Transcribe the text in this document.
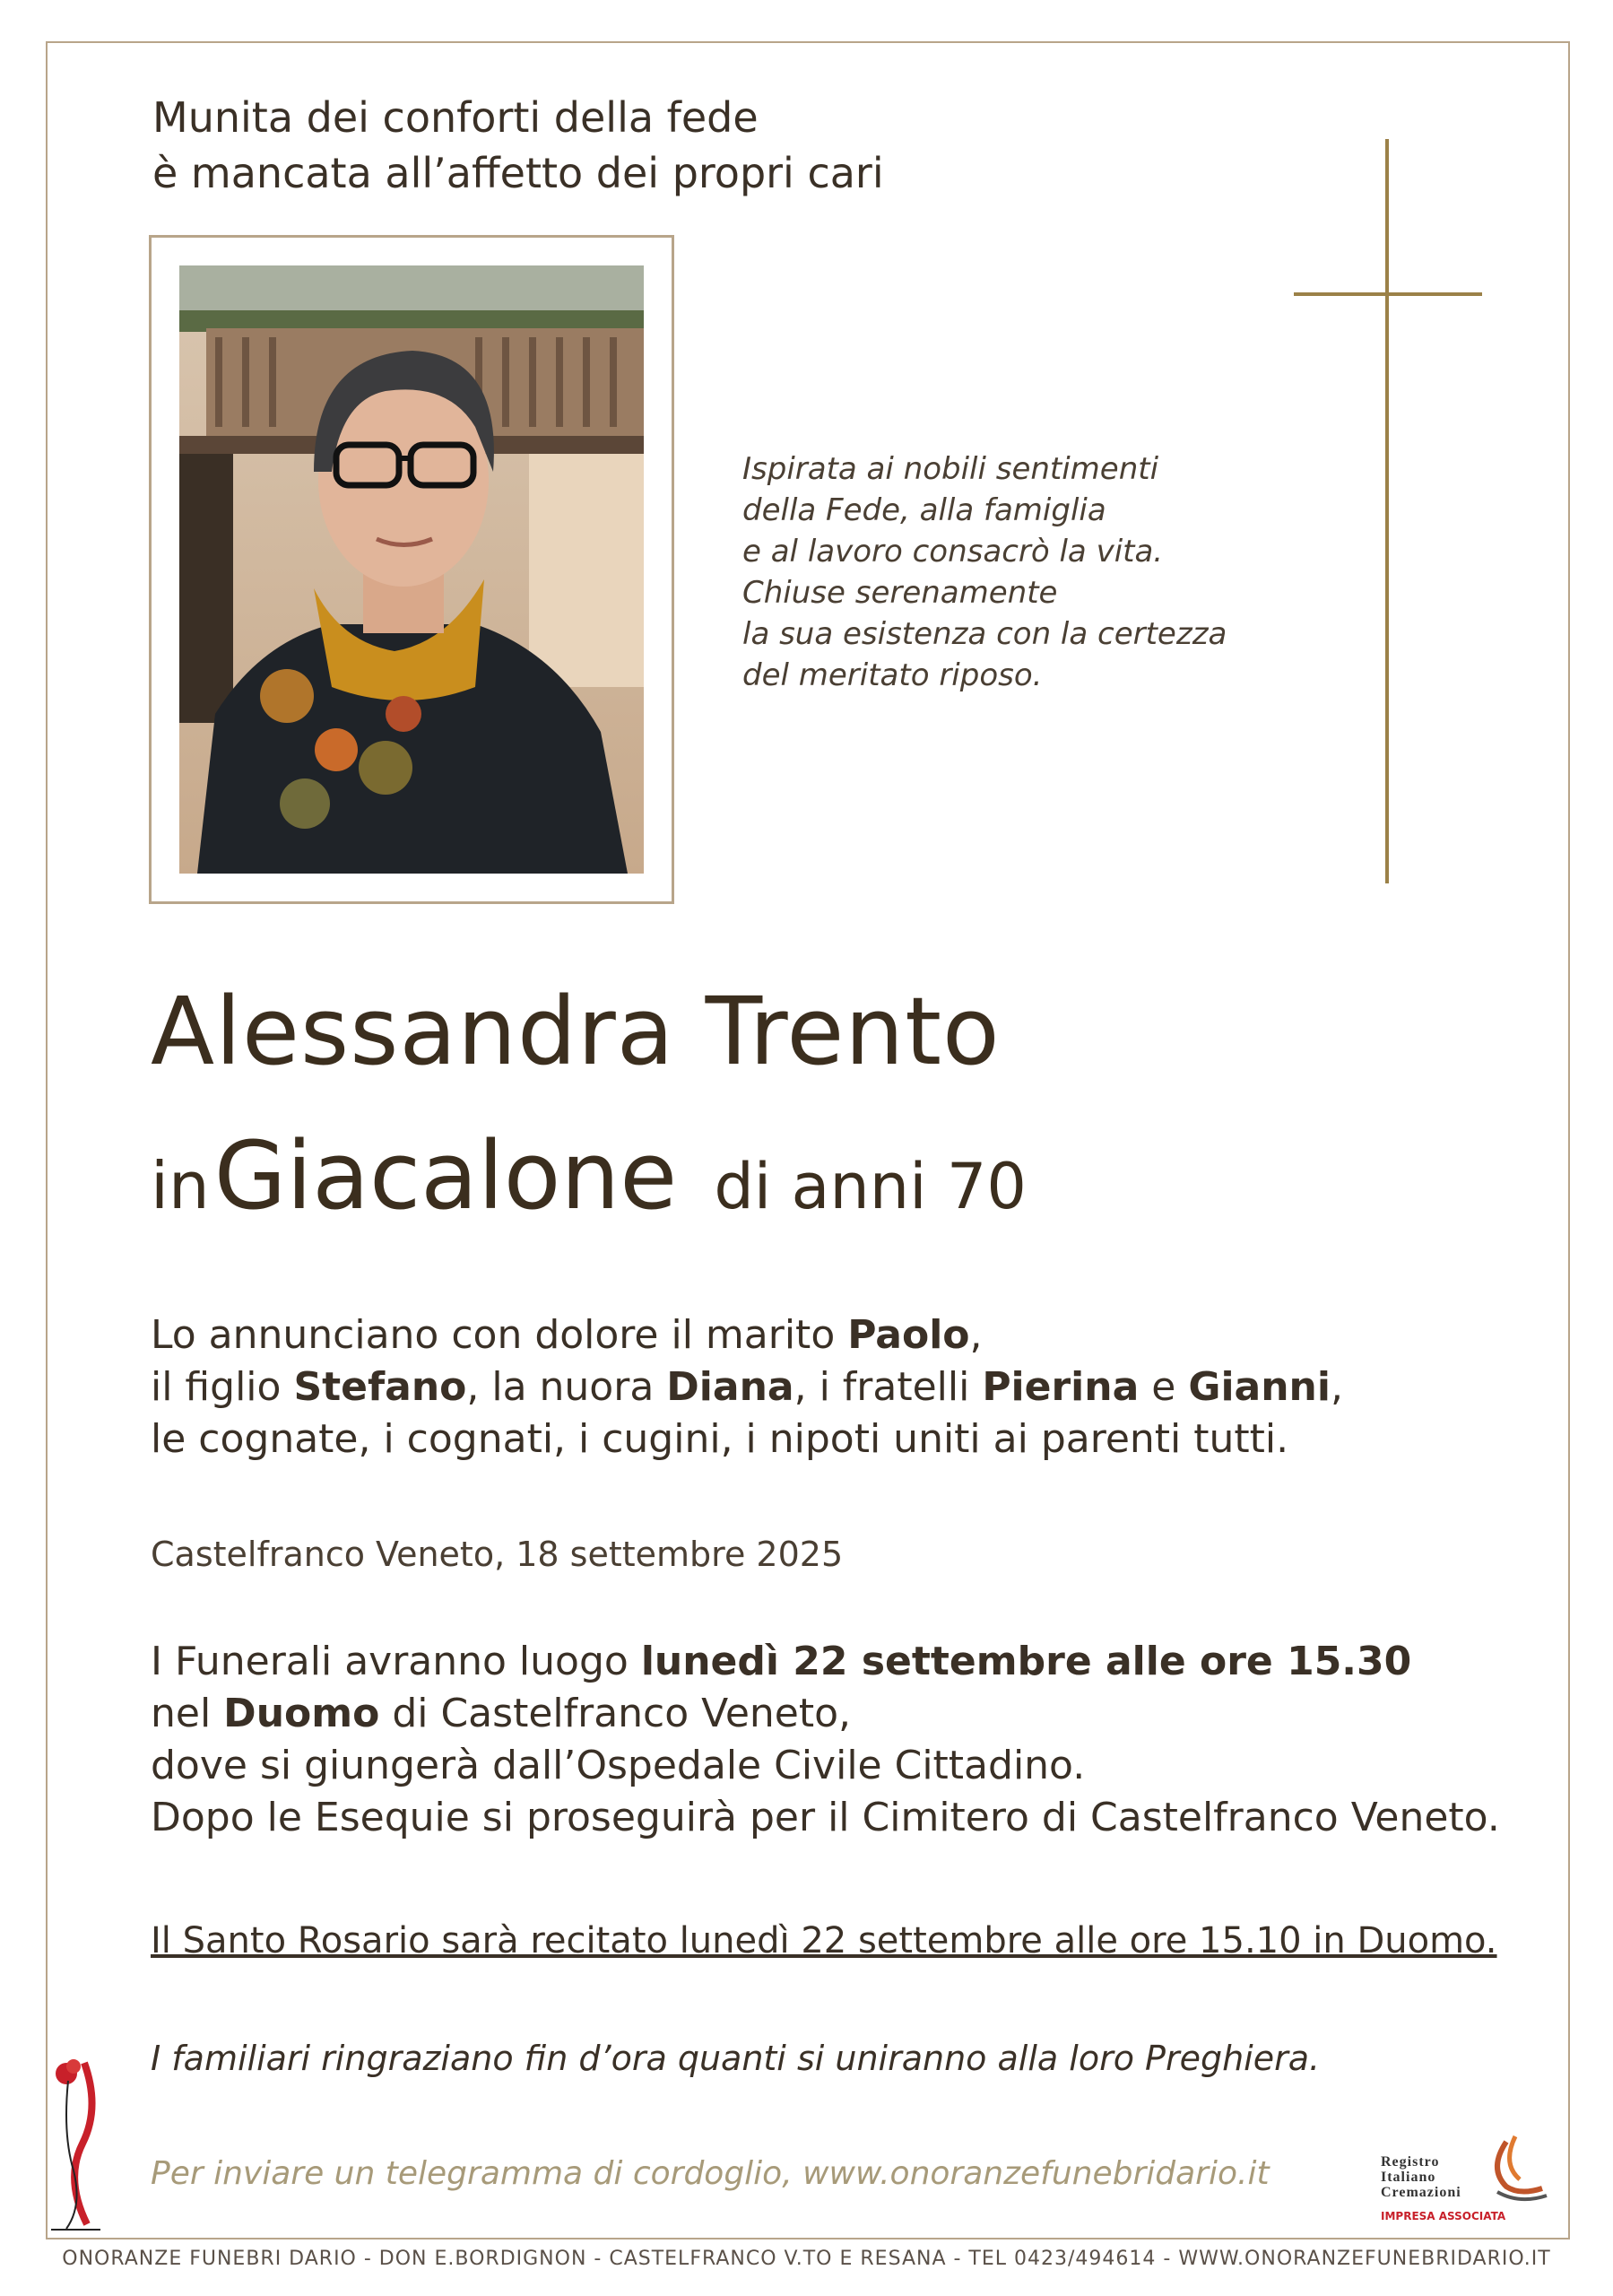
Munita dei conforti della fede
è mancata all’affetto dei propri cari
Ispirata ai nobili sentimenti
della Fede, alla famiglia
e al lavoro consacrò la vita.
Chiuse serenamente
la sua esistenza con la certezza
del meritato riposo.
Alessandra Trento
in Giacalone di anni 70
Lo annunciano con dolore il marito Paolo,
il figlio Stefano, la nuora Diana, i fratelli Pierina e Gianni,
le cognate, i cognati, i cugini, i nipoti uniti ai parenti tutti.
Castelfranco Veneto, 18 settembre 2025
I Funerali avranno luogo lunedì 22 settembre alle ore 15.30
nel Duomo di Castelfranco Veneto,
dove si giungerà dall’Ospedale Civile Cittadino.
Dopo le Esequie si proseguirà per il Cimitero di Castelfranco Veneto.
Il Santo Rosario sarà recitato lunedì 22 settembre alle ore 15.10 in Duomo.
I familiari ringraziano fin d’ora quanti si uniranno alla loro Preghiera.
Per inviare un telegramma di cordoglio, www.onoranzefunebridario.it	Registro
Italiano
Cremazioni
IMPRESA ASSOCIATA
ONORANZE FUNEBRI DARIO - DON E.BORDIGNON - CASTELFRANCO V.TO E RESANA - TEL 0423/494614 - WWW.ONORANZEFUNEBRIDARIO.IT
